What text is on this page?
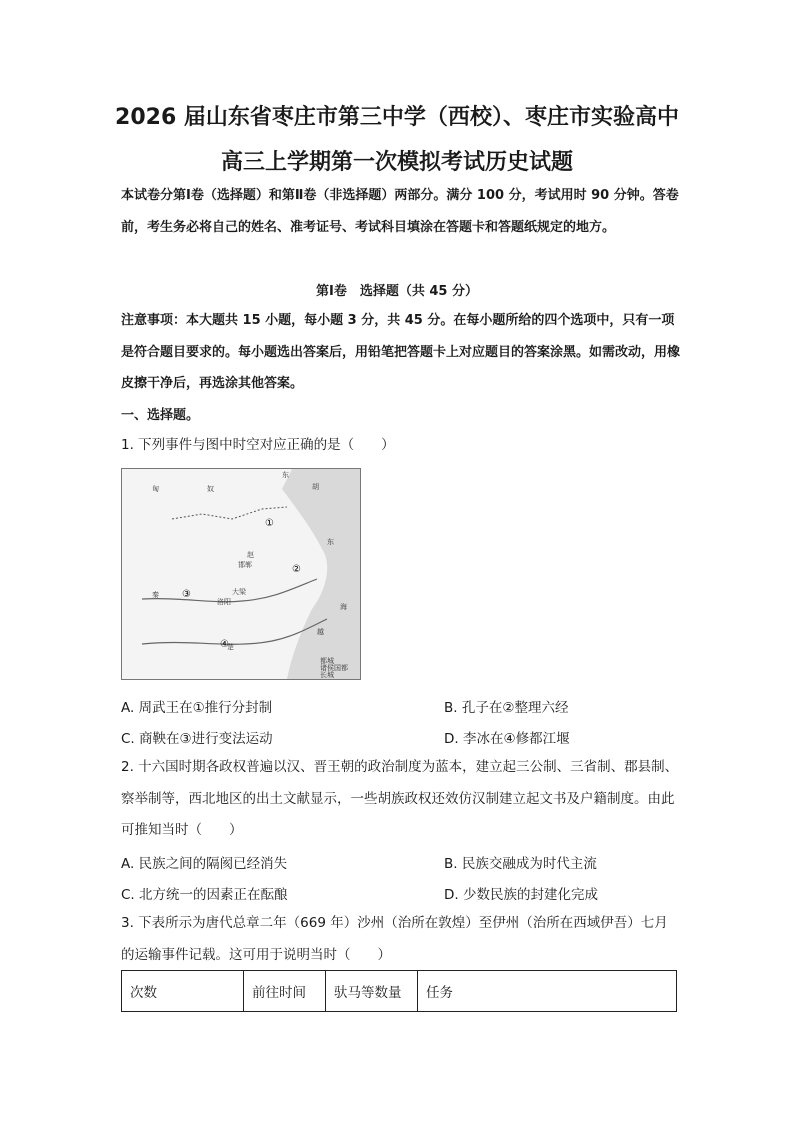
2026 届山东省枣庄市第三中学（西校）、枣庄市实验高中
高三上学期第一次模拟考试历史试题
本试卷分第Ⅰ卷（选择题）和第Ⅱ卷（非选择题）两部分。满分 100 分，考试用时 90 分钟。答卷前，考生务必将自己的姓名、准考证号、考试科目填涂在答题卡和答题纸规定的地方。
第Ⅰ卷　选择题（共 45 分）
注意事项：本大题共 15 小题，每小题 3 分，共 45 分。在每小题所给的四个选项中，只有一项是符合题目要求的。每小题选出答案后，用铅笔把答题卡上对应题目的答案涂黑。如需改动，用橡皮擦干净后，再选涂其他答案。
一、选择题。
1. 下列事件与图中时空对应正确的是（　　）
匈	奴
东
胡
赵
邯郸
洛阳
大梁
秦
楚
越
东
海
①
②
③
④
都城
诸侯国都
长城
A. 周武王在①推行分封制	B. 孔子在②整理六经
C. 商鞅在③进行变法运动	D. 李冰在④修都江堰
2. 十六国时期各政权普遍以汉、晋王朝的政治制度为蓝本，建立起三公制、三省制、郡县制、察举制等，西北地区的出土文献显示，一些胡族政权还效仿汉制建立起文书及户籍制度。由此可推知当时（　　）
A. 民族之间的隔阂已经消失	B. 民族交融成为时代主流
C. 北方统一的因素正在酝酿	D. 少数民族的封建化完成
3. 下表所示为唐代总章二年（669 年）沙州（治所在敦煌）至伊州（治所在西域伊吾）七月的运输事件记载。这可用于说明当时（　　）
次数	前往时间	驮马等数量	任务
